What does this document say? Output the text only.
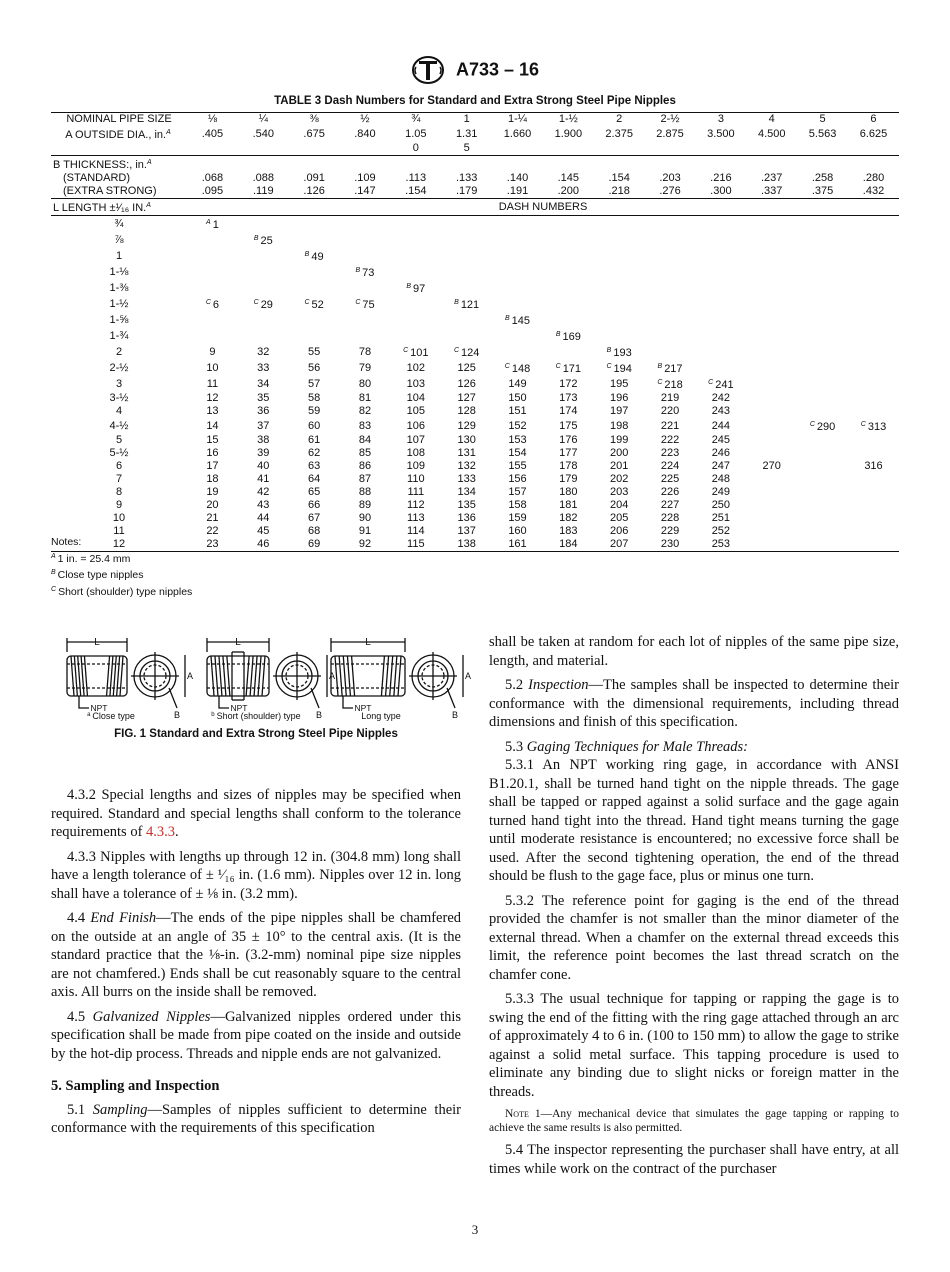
A733 – 16
TABLE 3 Dash Numbers for Standard and Extra Strong Steel Pipe Nipples
NOMINAL PIPE SIZE	⅛	¼	⅜	½	¾	1	1-¼	1-½	2	2-½	3	4	5	6
A OUTSIDE DIA., in.$^A$	.405	.540	.675	.840	1.05	1.31	1.660	1.900	2.375	2.875	3.500	4.500	5.563	6.625
					0	5								
B THICKNESS:, in.$^A$
(STANDARD)	.068	.088	.091	.109	.113	.133	.140	.145	.154	.203	.216	.237	.258	.280
(EXTRA STRONG)	.095	.119	.126	.147	.154	.179	.191	.200	.218	.276	.300	.337	.375	.432
L LENGTH ±¹⁄₁₆ IN.$^A$	DASH NUMBERS													
¾	$^A$ 1													
⅞		$^B$ 25												
1			$^B$ 49											
1-⅛				$^B$ 73										
1-⅜					$^B$ 97									
1-½	$^C$ 6	$^C$ 29	$^C$ 52	$^C$ 75		$^B$ 121								
1-⅝							$^B$ 145							
1-¾								$^B$ 169						
2	9	32	55	78	$^C$ 101	$^C$ 124			$^B$ 193					
2-½	10	33	56	79	102	125	$^C$ 148	$^C$ 171	$^C$ 194	$^B$ 217				
3	11	34	57	80	103	126	149	172	195	$^C$ 218	$^C$ 241			
3-½	12	35	58	81	104	127	150	173	196	219	242			
4	13	36	59	82	105	128	151	174	197	220	243			
4-½	14	37	60	83	106	129	152	175	198	221	244		$^C$ 290	$^C$ 313
5	15	38	61	84	107	130	153	176	199	222	245			
5-½	16	39	62	85	108	131	154	177	200	223	246			
6	17	40	63	86	109	132	155	178	201	224	247	270		316
7	18	41	64	87	110	133	156	179	202	225	248			
8	19	42	65	88	111	134	157	180	203	226	249			
9	20	43	66	89	112	135	158	181	204	227	250			
10	21	44	67	90	113	136	159	182	205	228	251			
11	22	45	68	91	114	137	160	183	206	229	252			
12	23	46	69	92	115	138	161	184	207	230	253			
Notes:
$^A$ 1 in. = 25.4 mm
$^B$ Close type nipples
$^C$ Short (shoulder) type nipples
L
NPT
A
B
L
NPT
A
B
L
NPT
A
B
$^a$ Close type	$^b$ Short (shoulder) type	Long type
FIG. 1 Standard and Extra Strong Steel Pipe Nipples

4.3.2 Special lengths and sizes of nipples may be specified when required. Standard and special lengths shall conform to the tolerance requirements of 4.3.3.

4.3.3 Nipples with lengths up through 12 in. (304.8 mm) long shall have a length tolerance of ± ¹⁄₁₆ in. (1.6 mm). Nipples over 12 in. long shall have a tolerance of ± ⅛ in. (3.2 mm).

4.4 End Finish—The ends of the pipe nipples shall be chamfered on the outside at an angle of 35 ± 10° to the central axis. (It is the standard practice that the ⅛-in. (3.2-mm) nominal pipe size nipples are not chamfered.) Ends shall be cut reasonably square to the central axis. All burrs on the inside shall be removed.

4.5 Galvanized Nipples—Galvanized nipples ordered under this specification shall be made from pipe coated on the inside and outside by the hot-dip process. Threads and nipple ends are not galvanized.

5. Sampling and Inspection

5.1 Sampling—Samples of nipples sufficient to determine their conformance with the requirements of this specification

shall be taken at random for each lot of nipples of the same pipe size, length, and material.

5.2 Inspection—The samples shall be inspected to determine their conformance with the dimensional requirements, including thread dimensions and finish of this specification.

5.3 Gaging Techniques for Male Threads:

5.3.1 An NPT working ring gage, in accordance with ANSI B1.20.1, shall be turned hand tight on the nipple threads. The gage shall be tapped or rapped against a solid surface and the gage again turned hand tight into the thread. Hand tight means turning the gage until moderate resistance is encountered; no excessive force shall be used. After the second tightening operation, the end of the thread should be flush to the gage face, plus or minus one turn.

5.3.2 The reference point for gaging is the end of the thread provided the chamfer is not smaller than the minor diameter of the external thread. When a chamfer on the external thread exceeds this limit, the reference point becomes the last thread scratch on the chamfer cone.

5.3.3 The usual technique for tapping or rapping the gage is to swing the end of the fitting with the ring gage attached through an arc of approximately 4 to 6 in. (100 to 150 mm) to allow the gage to strike against a solid metal surface. This tapping procedure is used to eliminate any binding due to slight nicks or foreign matter in the threads.

Note 1—Any mechanical device that simulates the gage tapping or rapping to achieve the same results is also permitted.

5.4 The inspector representing the purchaser shall have entry, at all times while work on the contract of the purchaser

3
